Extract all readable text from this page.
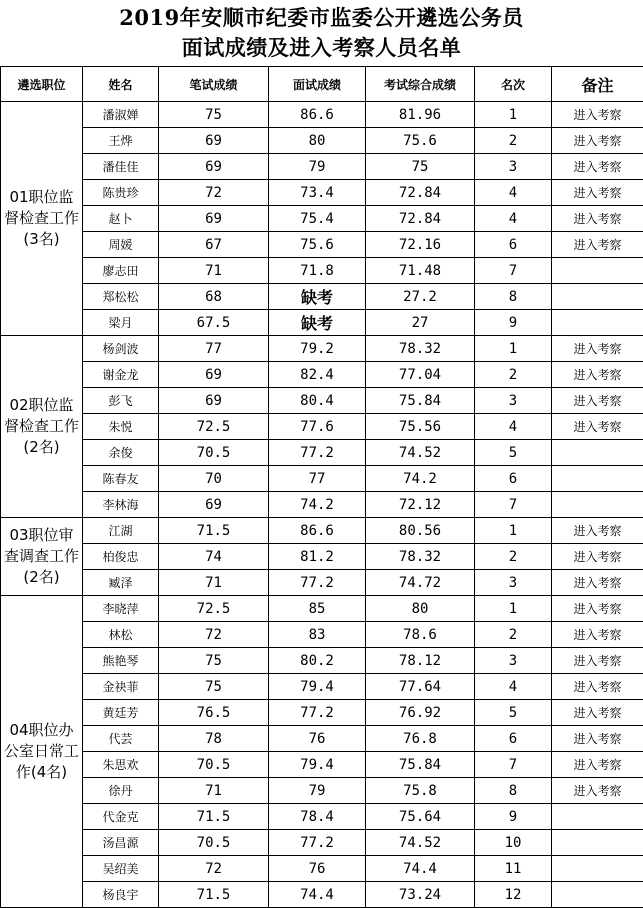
2019年安顺市纪委市监委公开遴选公务员
面试成绩及进入考察人员名单
遴选职位	姓名	笔试成绩	面试成绩	考试综合成绩	名次	备注
01职位监督检查工作(3名)	潘淑婵	75	86.6	81.96	1	进入考察
	王烨	69	80	75.6	2	进入考察
	潘佳佳	69	79	75	3	进入考察
	陈贵珍	72	73.4	72.84	4	进入考察
	赵卜	69	75.4	72.84	4	进入考察
	周媛	67	75.6	72.16	6	进入考察
	廖志田	71	71.8	71.48	7	
	郑松松	68	缺考	27.2	8	
	梁月	67.5	缺考	27	9	
02职位监督检查工作(2名)	杨剑波	77	79.2	78.32	1	进入考察
	谢金龙	69	82.4	77.04	2	进入考察
	彭飞	69	80.4	75.84	3	进入考察
	朱悦	72.5	77.6	75.56	4	进入考察
	余俊	70.5	77.2	74.52	5	
	陈春友	70	77	74.2	6	
	李林海	69	74.2	72.12	7	
03职位审查调查工作(2名)	江湖	71.5	86.6	80.56	1	进入考察
	柏俊忠	74	81.2	78.32	2	进入考察
	臧泽	71	77.2	74.72	3	进入考察
04职位办公室日常工作(4名)	李晓萍	72.5	85	80	1	进入考察
	林松	72	83	78.6	2	进入考察
	熊艳琴	75	80.2	78.12	3	进入考察
	金袂菲	75	79.4	77.64	4	进入考察
	黄廷芳	76.5	77.2	76.92	5	进入考察
	代芸	78	76	76.8	6	进入考察
	朱思欢	70.5	79.4	75.84	7	进入考察
	徐丹	71	79	75.8	8	进入考察
	代金克	71.5	78.4	75.64	9	
	汤昌源	70.5	77.2	74.52	10	
	吴绍美	72	76	74.4	11	
	杨良宇	71.5	74.4	73.24	12	
